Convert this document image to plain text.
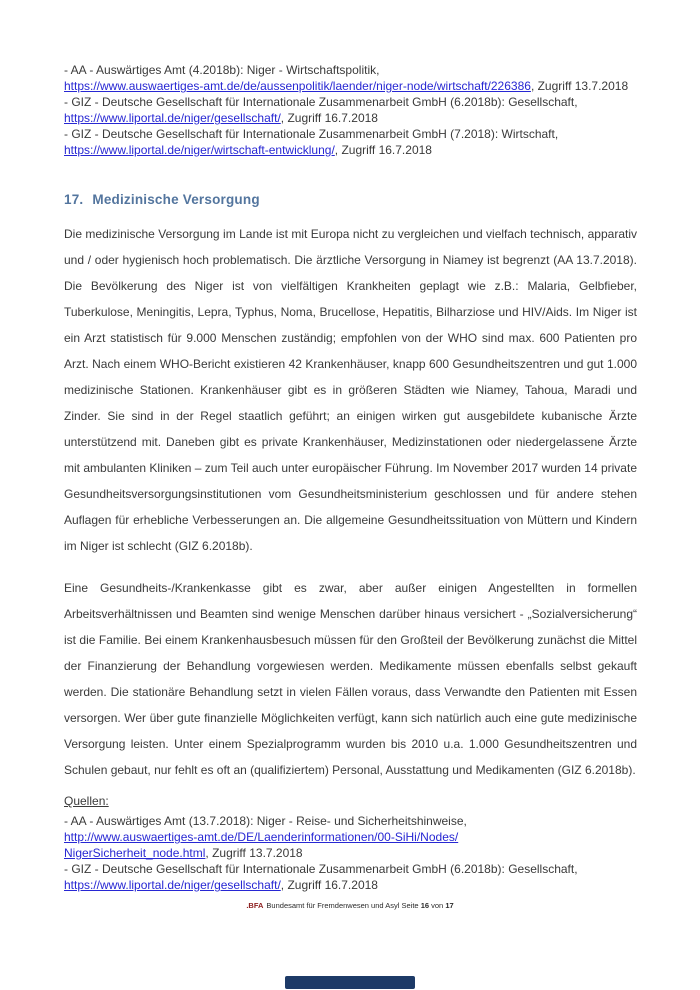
- AA - Auswärtiges Amt (4.2018b): Niger - Wirtschaftspolitik,
https://www.auswaertiges-amt.de/de/aussenpolitik/laender/niger-node/wirtschaft/226386, Zugriff 13.7.2018
- GIZ - Deutsche Gesellschaft für Internationale Zusammenarbeit GmbH (6.2018b): Gesellschaft,
https://www.liportal.de/niger/gesellschaft/, Zugriff 16.7.2018
- GIZ - Deutsche Gesellschaft für Internationale Zusammenarbeit GmbH (7.2018): Wirtschaft,
https://www.liportal.de/niger/wirtschaft-entwicklung/, Zugriff 16.7.2018
17. Medizinische Versorgung

Die medizinische Versorgung im Lande ist mit Europa nicht zu vergleichen und vielfach technisch, apparativ und / oder hygienisch hoch problematisch. Die ärztliche Versorgung in Niamey ist begrenzt (AA 13.7.2018). Die Bevölkerung des Niger ist von vielfältigen Krankheiten geplagt wie z.B.: Malaria, Gelbfieber, Tuberkulose, Meningitis, Lepra, Typhus, Noma, Brucellose, Hepatitis, Bilharziose und HIV/Aids. Im Niger ist ein Arzt statistisch für 9.000 Menschen zuständig; empfohlen von der WHO sind max. 600 Patienten pro Arzt. Nach einem WHO-Bericht existieren 42 Krankenhäuser, knapp 600 Gesundheitszentren und gut 1.000 medizinische Stationen. Krankenhäuser gibt es in größeren Städten wie Niamey, Tahoua, Maradi und Zinder. Sie sind in der Regel staatlich geführt; an einigen wirken gut ausgebildete kubanische Ärzte unterstützend mit. Daneben gibt es private Krankenhäuser, Medizinstationen oder niedergelassene Ärzte mit ambulanten Kliniken – zum Teil auch unter europäischer Führung. Im November 2017 wurden 14 private Gesundheitsversorgungsinstitutionen vom Gesundheitsministerium geschlossen und für andere stehen Auflagen für erhebliche Verbesserungen an. Die allgemeine Gesundheitssituation von Müttern und Kindern im Niger ist schlecht (GIZ 6.2018b).

Eine Gesundheits-/Krankenkasse gibt es zwar, aber außer einigen Angestellten in formellen Arbeitsverhältnissen und Beamten sind wenige Menschen darüber hinaus versichert - „Sozialversicherung“ ist die Familie. Bei einem Krankenhausbesuch müssen für den Großteil der Bevölkerung zunächst die Mittel der Finanzierung der Behandlung vorgewiesen werden. Medikamente müssen ebenfalls selbst gekauft werden. Die stationäre Behandlung setzt in vielen Fällen voraus, dass Verwandte den Patienten mit Essen versorgen. Wer über gute finanzielle Möglichkeiten verfügt, kann sich natürlich auch eine gute medizinische Versorgung leisten. Unter einem Spezialprogramm wurden bis 2010 u.a. 1.000 Gesundheitszentren und Schulen gebaut, nur fehlt es oft an (qualifiziertem) Personal, Ausstattung und Medikamenten (GIZ 6.2018b).

Quellen:
- AA - Auswärtiges Amt (13.7.2018): Niger - Reise- und Sicherheitshinweise,
http://www.auswaertiges-amt.de/DE/Laenderinformationen/00-SiHi/Nodes/
NigerSicherheit_node.html, Zugriff 13.7.2018
- GIZ - Deutsche Gesellschaft für Internationale Zusammenarbeit GmbH (6.2018b): Gesellschaft,
https://www.liportal.de/niger/gesellschaft/, Zugriff 16.7.2018
.BFA Bundesamt für Fremdenwesen und Asyl Seite 16 von 17
